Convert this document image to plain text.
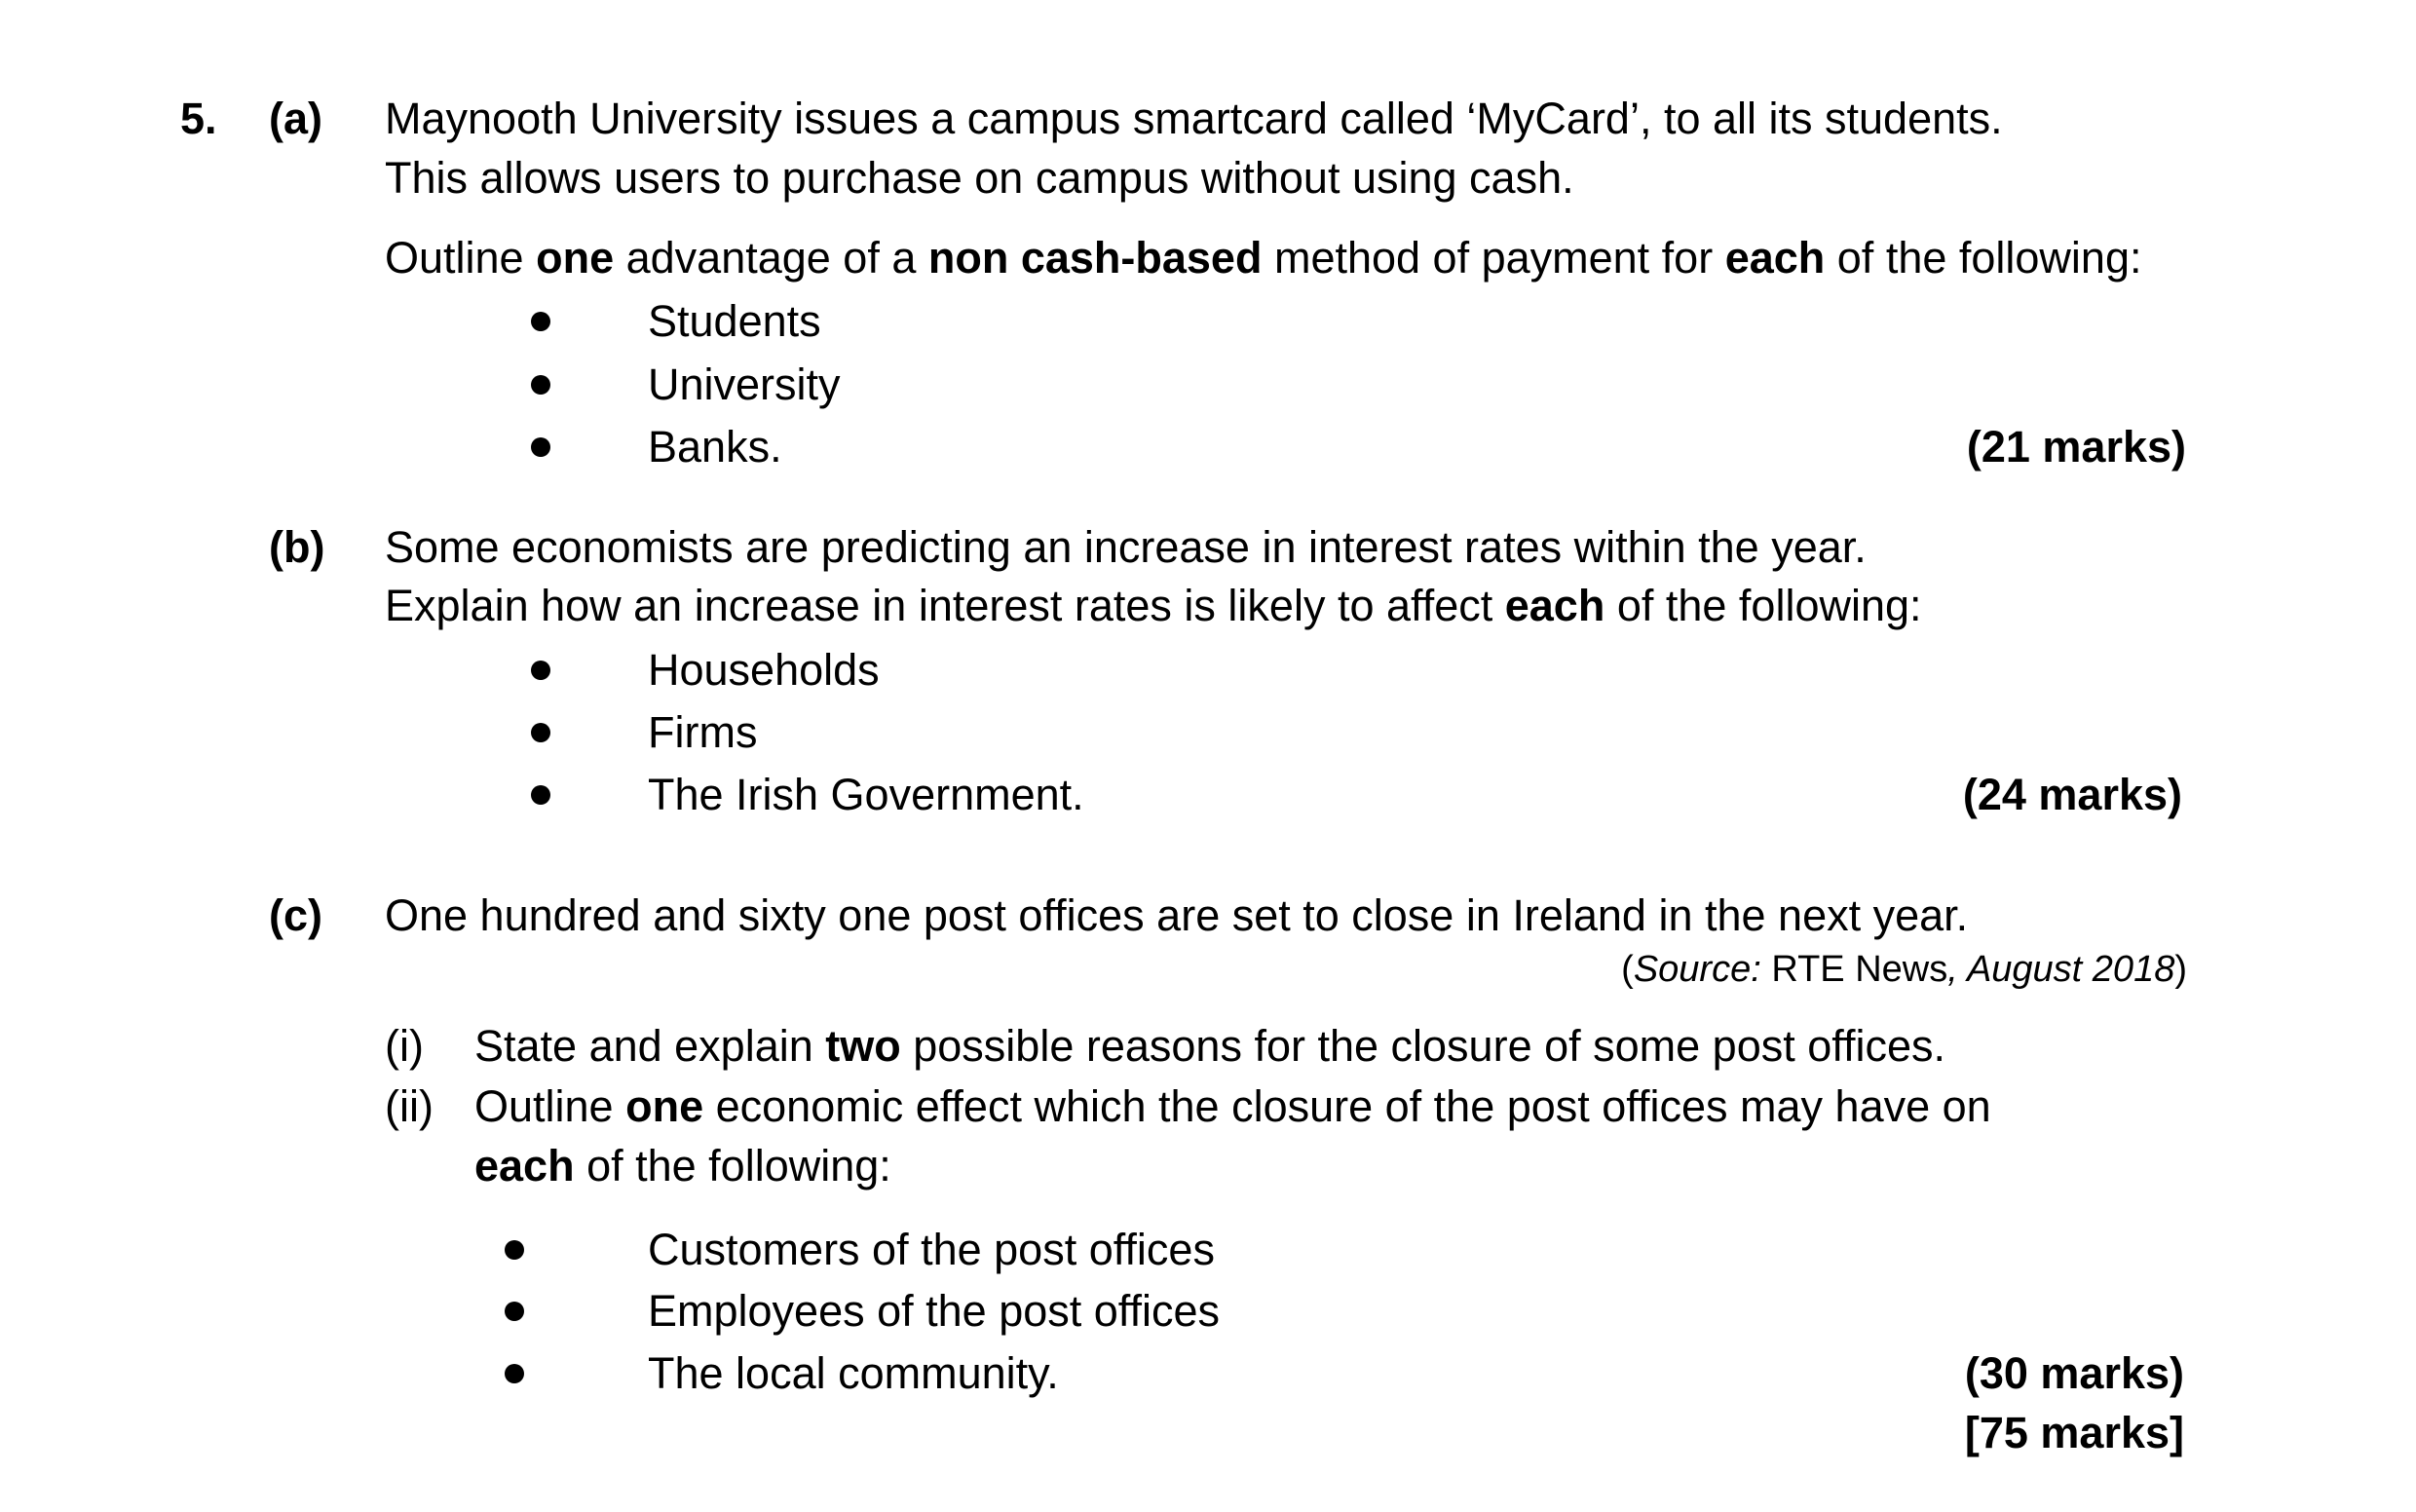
5. (a) Maynooth University issues a campus smartcard called ‘MyCard’, to all its students.
This allows users to purchase on campus without using cash.
Outline one advantage of a non cash-based method of payment for each of the following:
Students
University
Banks.	(21 marks)
(b) Some economists are predicting an increase in interest rates within the year.
Explain how an increase in interest rates is likely to affect each of the following:
Households
Firms
The Irish Government.	(24 marks)
(c) One hundred and sixty one post offices are set to close in Ireland in the next year.
(Source: RTE News, August 2018)
(i) State and explain two possible reasons for the closure of some post offices.
(ii) Outline one economic effect which the closure of the post offices may have on
each of the following:
Customers of the post offices
Employees of the post offices
The local community.	(30 marks)
[75 marks]
